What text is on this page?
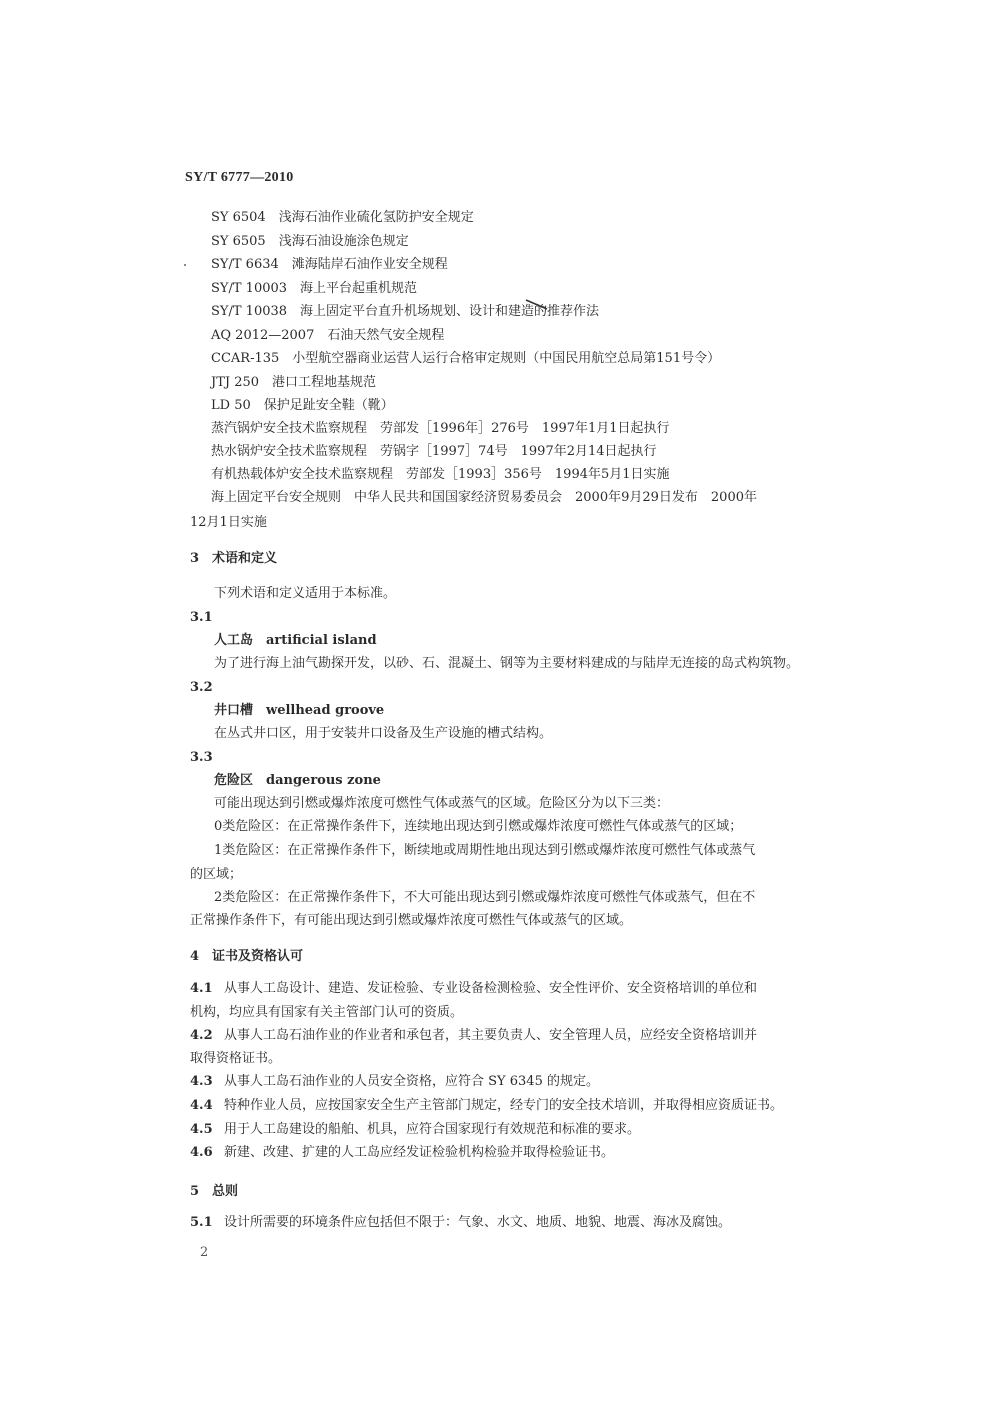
SY/T 6777—2010
SY 6504　浅海石油作业硫化氢防护安全规定
SY 6505　浅海石油设施涂色规定
SY/T 6634　滩海陆岸石油作业安全规程
SY/T 10003　海上平台起重机规范
SY/T 10038　海上固定平台直升机场规划、设计和建造的推荐作法
AQ 2012—2007　石油天然气安全规程
CCAR-135　小型航空器商业运营人运行合格审定规则（中国民用航空总局第151号令）
JTJ 250　港口工程地基规范
LD 50　保护足趾安全鞋（靴）
蒸汽锅炉安全技术监察规程　劳部发［1996年］276号　1997年1月1日起执行
热水锅炉安全技术监察规程　劳锅字［1997］74号　1997年2月14日起执行
有机热载体炉安全技术监察规程　劳部发［1993］356号　1994年5月1日实施
海上固定平台安全规则　中华人民共和国国家经济贸易委员会　2000年9月29日发布　2000年
12月1日实施
3 术语和定义
下列术语和定义适用于本标准。
3.1
人工岛　artificial island
为了进行海上油气勘探开发，以砂、石、混凝土、钢等为主要材料建成的与陆岸无连接的岛式构筑物。
3.2
井口槽　wellhead groove
在丛式井口区，用于安装井口设备及生产设施的槽式结构。
3.3
危险区　dangerous zone
可能出现达到引燃或爆炸浓度可燃性气体或蒸气的区域。危险区分为以下三类：
0类危险区：在正常操作条件下，连续地出现达到引燃或爆炸浓度可燃性气体或蒸气的区域；
1类危险区：在正常操作条件下，断续地或周期性地出现达到引燃或爆炸浓度可燃性气体或蒸气
的区域；
2类危险区：在正常操作条件下，不大可能出现达到引燃或爆炸浓度可燃性气体或蒸气，但在不
正常操作条件下，有可能出现达到引燃或爆炸浓度可燃性气体或蒸气的区域。
4 证书及资格认可
4.1 从事人工岛设计、建造、发证检验、专业设备检测检验、安全性评价、安全资格培训的单位和
机构，均应具有国家有关主管部门认可的资质。
4.2 从事人工岛石油作业的作业者和承包者，其主要负责人、安全管理人员，应经安全资格培训并
取得资格证书。
4.3 从事人工岛石油作业的人员安全资格，应符合 SY 6345 的规定。
4.4 特种作业人员，应按国家安全生产主管部门规定，经专门的安全技术培训，并取得相应资质证书。
4.5 用于人工岛建设的船舶、机具，应符合国家现行有效规范和标准的要求。
4.6 新建、改建、扩建的人工岛应经发证检验机构检验并取得检验证书。
5 总则
5.1 设计所需要的环境条件应包括但不限于：气象、水文、地质、地貌、地震、海冰及腐蚀。
2
